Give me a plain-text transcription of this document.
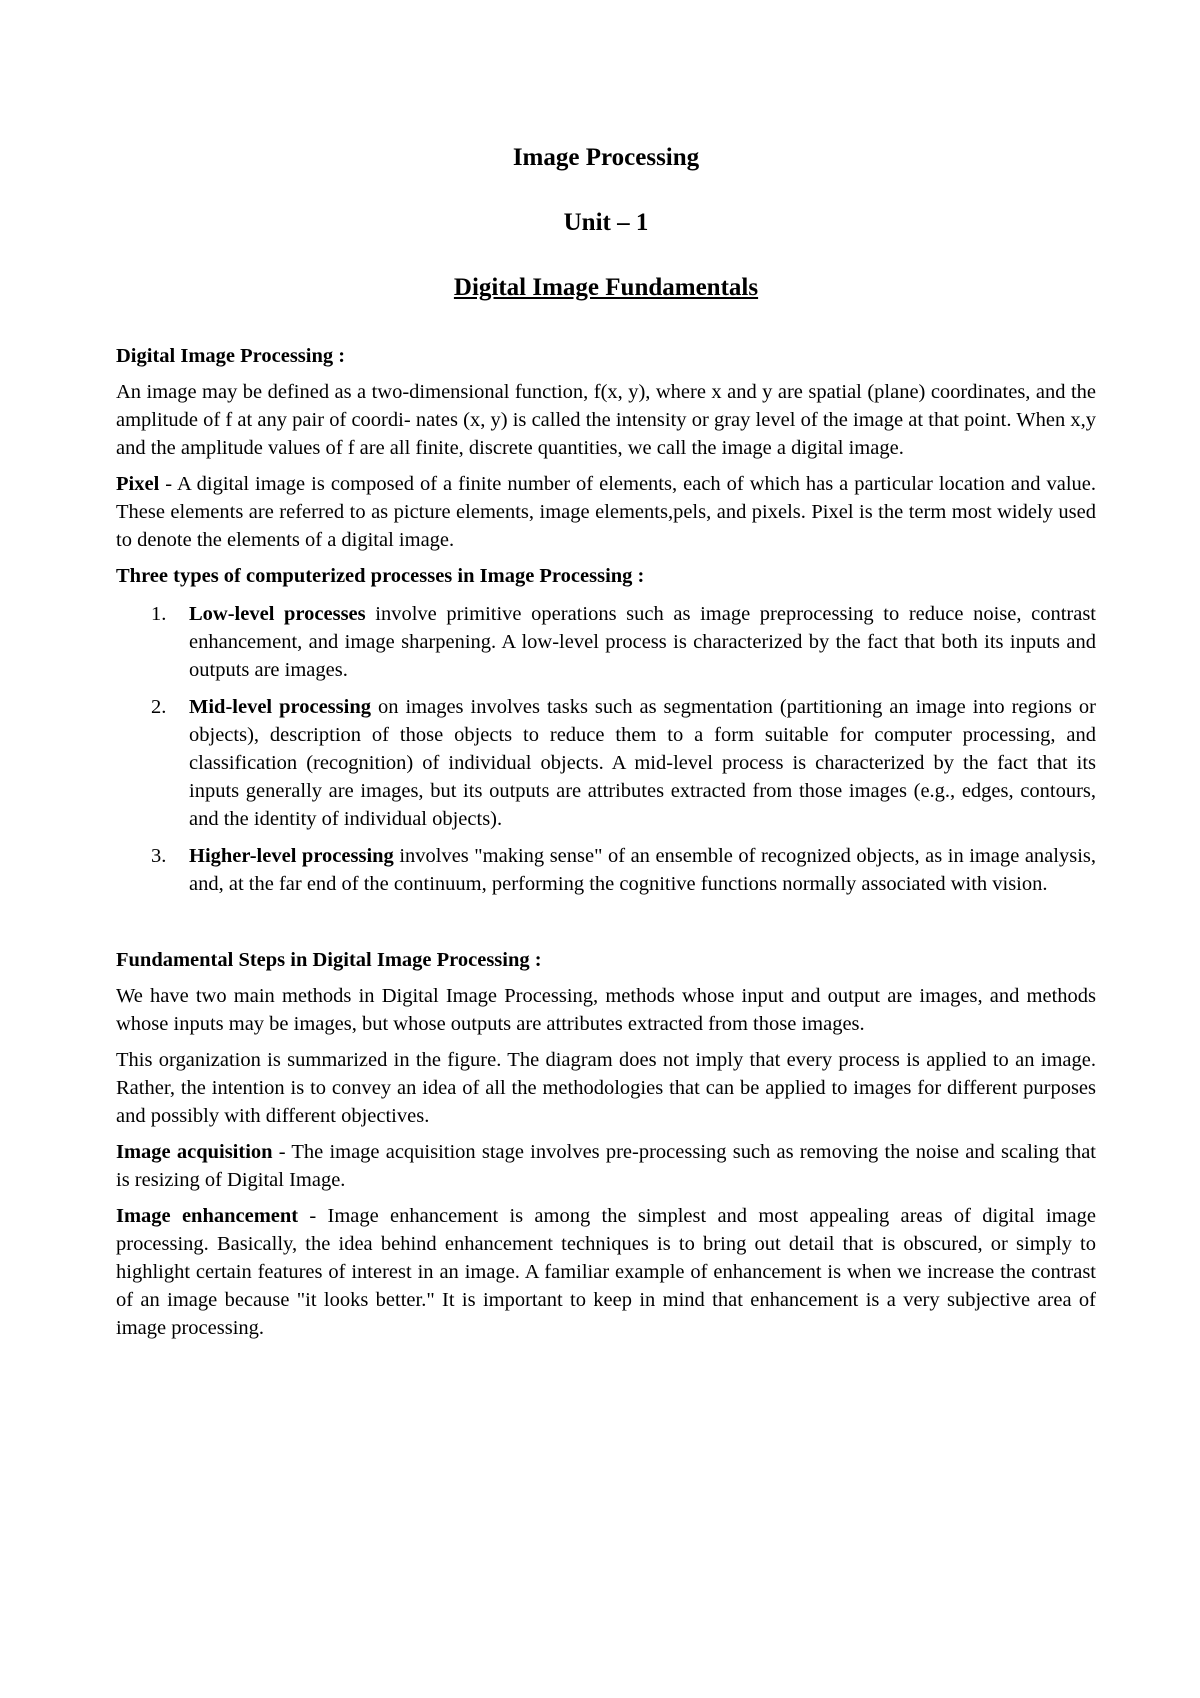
Image Processing
Unit – 1
Digital Image Fundamentals

Digital Image Processing :

An image may be defined as a two-dimensional function, f(x, y), where x and y are spatial (plane) coordinates, and the amplitude of f at any pair of coordi- nates (x, y) is called the intensity or gray level of the image at that point. When x,y and the amplitude values of f are all finite, discrete quantities, we call the image a digital image.

Pixel - A digital image is composed of a finite number of elements, each of which has a particular location and value. These elements are referred to as picture elements, image elements,pels, and pixels. Pixel is the term most widely used to denote the elements of a digital image.

Three types of computerized processes in Image Processing :

1. Low-level processes involve primitive operations such as image preprocessing to reduce noise, contrast enhancement, and image sharpening. A low-level process is characterized by the fact that both its inputs and outputs are images.
2. Mid-level processing on images involves tasks such as segmentation (partitioning an image into regions or objects), description of those objects to reduce them to a form suitable for computer processing, and classification (recognition) of individual objects. A mid-level process is characterized by the fact that its inputs generally are images, but its outputs are attributes extracted from those images (e.g., edges, contours, and the identity of individual objects).
3. Higher-level processing involves "making sense" of an ensemble of recognized objects, as in image analysis, and, at the far end of the continuum, performing the cognitive functions normally associated with vision.

Fundamental Steps in Digital Image Processing :

We have two main methods in Digital Image Processing, methods whose input and output are images, and methods whose inputs may be images, but whose outputs are attributes extracted from those images.

This organization is summarized in the figure. The diagram does not imply that every process is applied to an image. Rather, the intention is to convey an idea of all the methodologies that can be applied to images for different purposes and possibly with different objectives.

Image acquisition - The image acquisition stage involves pre-processing such as removing the noise and scaling that is resizing of Digital Image.

Image enhancement - Image enhancement is among the simplest and most appealing areas of digital image processing. Basically, the idea behind enhancement techniques is to bring out detail that is obscured, or simply to highlight certain features of interest in an image. A familiar example of enhancement is when we increase the contrast of an image because "it looks better." It is important to keep in mind that enhancement is a very subjective area of image processing.
